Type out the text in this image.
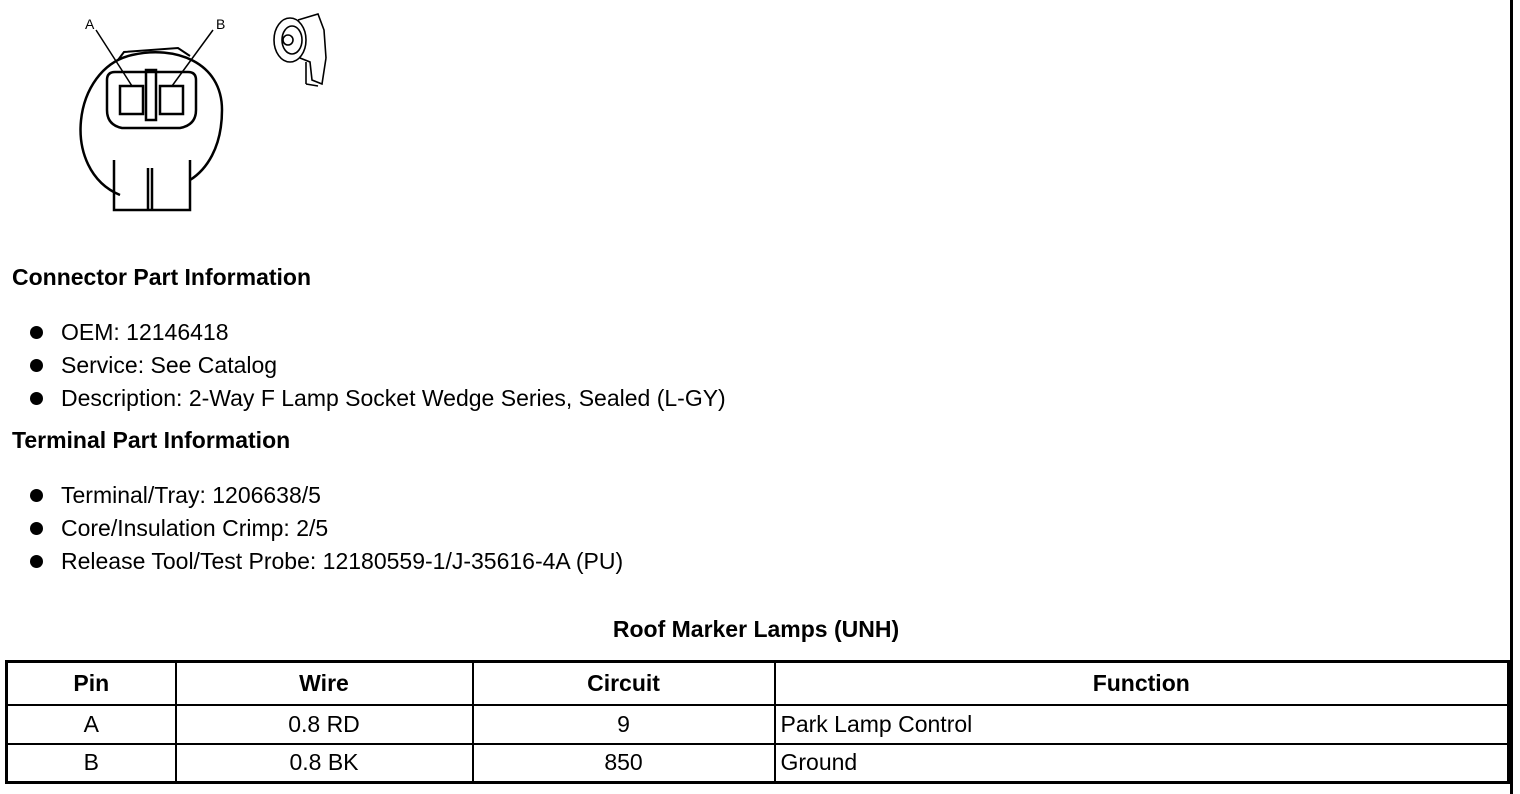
A	B
Connector Part Information
OEM: 12146418
Service: See Catalog
Description: 2-Way F Lamp Socket Wedge Series, Sealed (L-GY)
Terminal Part Information
Terminal/Tray: 1206638/5
Core/Insulation Crimp: 2/5
Release Tool/Test Probe: 12180559-1/J-35616-4A (PU)
Roof Marker Lamps (UNH)
Pin	Wire	Circuit	Function
A	0.8 RD	9	Park Lamp Control
B	0.8 BK	850	Ground
